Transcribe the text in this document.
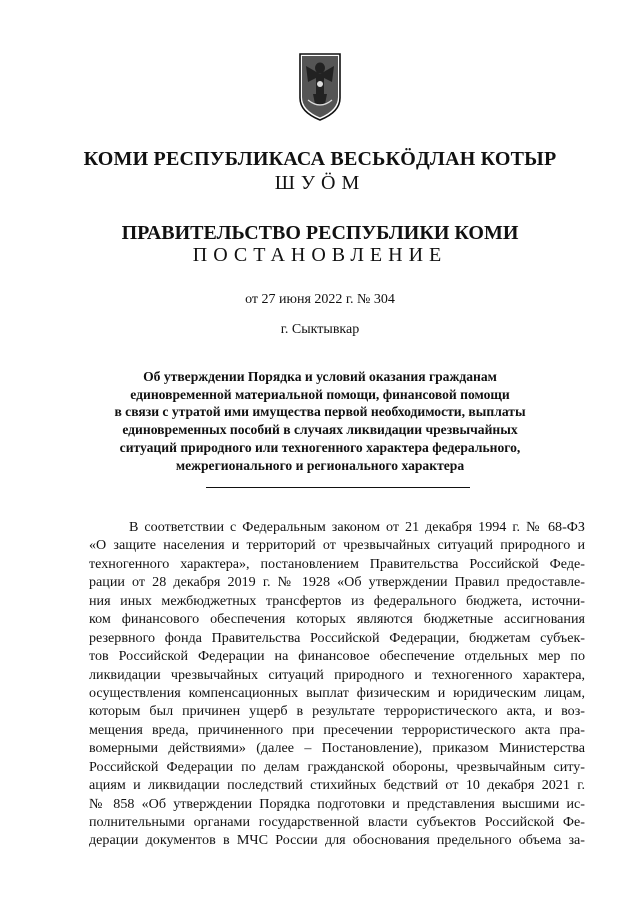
КОМИ РЕСПУБЛИКАСА ВЕСЬКӦДЛАН КОТЫР
ШУӦМ
ПРАВИТЕЛЬСТВО РЕСПУБЛИКИ КОМИ
ПОСТАНОВЛЕНИЕ
от 27 июня 2022 г. № 304
г. Сыктывкар
Об утверждении Порядка и условий оказания гражданам
единовременной материальной помощи, финансовой помощи
в связи с утратой ими имущества первой необходимости, выплаты
единовременных пособий в случаях ликвидации чрезвычайных
ситуаций природного или техногенного характера федерального,
межрегионального и регионального характера
В соответствии с Федеральным законом от 21 декабря 1994 г. № 68-ФЗ
«О защите населения и территорий от чрезвычайных ситуаций природного и
техногенного характера», постановлением Правительства Российской Феде-
рации от 28 декабря 2019 г. № 1928 «Об утверждении Правил предоставле-
ния иных межбюджетных трансфертов из федерального бюджета, источни-
ком финансового обеспечения которых являются бюджетные ассигнования
резервного фонда Правительства Российской Федерации, бюджетам субъек-
тов Российской Федерации на финансовое обеспечение отдельных мер по
ликвидации чрезвычайных ситуаций природного и техногенного характера,
осуществления компенсационных выплат физическим и юридическим лицам,
которым был причинен ущерб в результате террористического акта, и воз-
мещения вреда, причиненного при пресечении террористического акта пра-
вомерными действиями» (далее – Постановление), приказом Министерства
Российской Федерации по делам гражданской обороны, чрезвычайным ситу-
ациям и ликвидации последствий стихийных бедствий от 10 декабря 2021 г.
№ 858 «Об утверждении Порядка подготовки и представления высшими ис-
полнительными органами государственной власти субъектов Российской Фе-
дерации документов в МЧС России для обоснования предельного объема за-
